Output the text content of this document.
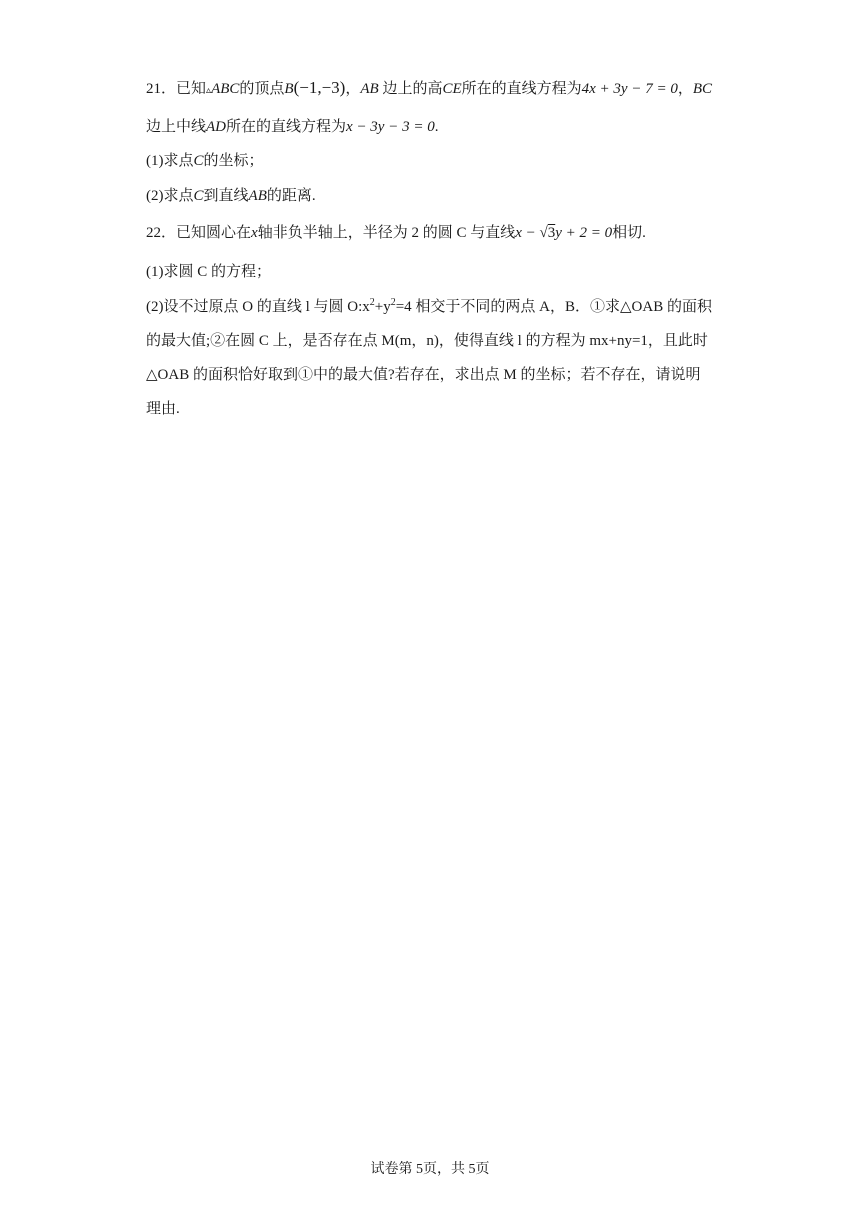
21．已知▵ABC的顶点B(−1,−3)，AB 边上的高CE所在的直线方程为4x + 3y − 7 = 0，BC
边上中线AD所在的直线方程为x − 3y − 3 = 0.
(1)求点C的坐标；
(2)求点C到直线AB的距离.
22．已知圆心在x轴非负半轴上，半径为 2 的圆 C 与直线x − √3y + 2 = 0相切.
(1)求圆 C 的方程；
(2)设不过原点 O 的直线 l 与圆 $O:x^2+y^2=4$ 相交于不同的两点 A，B．①求△OAB 的面积
的最大值;②在圆 C 上，是否存在点 M(m，n)，使得直线 l 的方程为 mx+ny=1，且此时
△OAB 的面积恰好取到①中的最大值?若存在，求出点 M 的坐标；若不存在，请说明
理由.
试卷第 5页，共 5页
